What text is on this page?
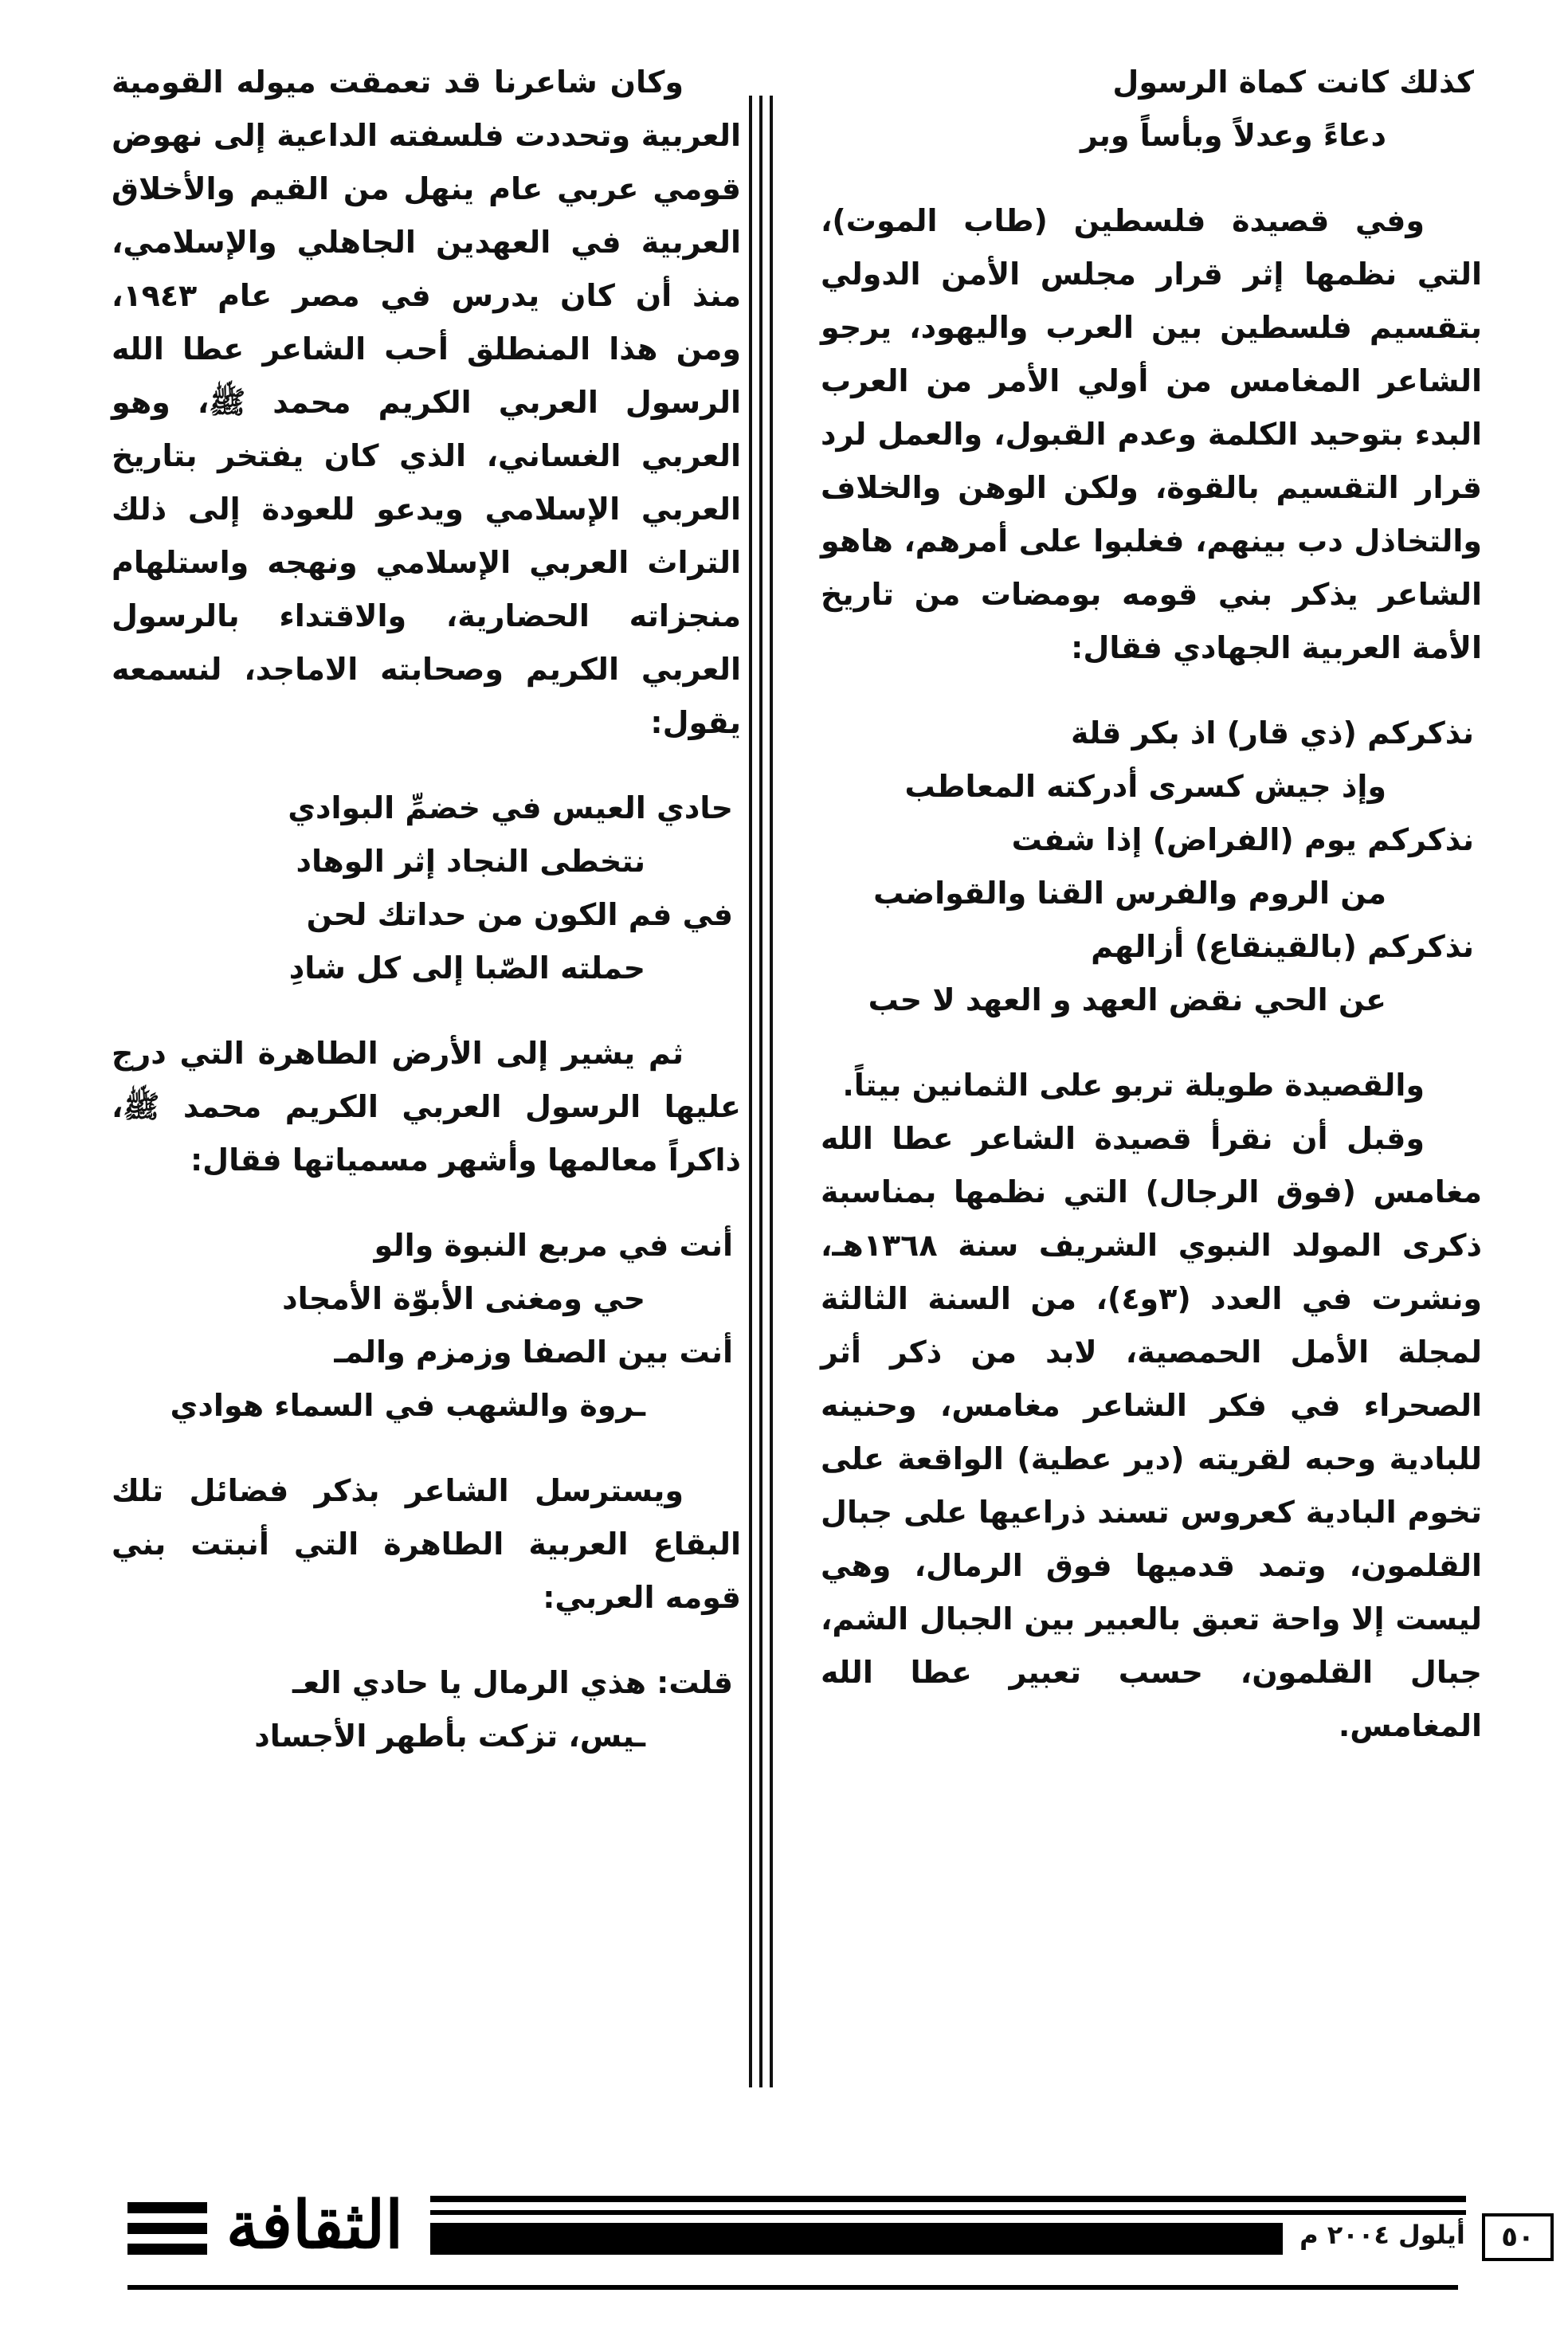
كذلك كانت كماة الرسول

دعاءً وعدلاً وبأساً وبر

وفي قصيدة فلسطين (طاب الموت)، التي نظمها إثر قرار مجلس الأمن الدولي بتقسيم فلسطين بين العرب واليهود، يرجو الشاعر المغامس من أولي الأمر من العرب البدء بتوحيد الكلمة وعدم القبول، والعمل لرد قرار التقسيم بالقوة، ولكن الوهن والخلاف والتخاذل دب بينهم، فغلبوا على أمرهم، هاهو الشاعر يذكر بني قومه بومضات من تاريخ الأمة العربية الجهادي فقال:

نذكركم (ذي قار) اذ بكر قلة

وإذ جيش كسرى أدركته المعاطب

نذكركم يوم (الفراض) إذا شفت

من الروم والفرس القنا والقواضب

نذكركم (بالقينقاع) أزالهم

عن الحي نقض العهد و العهد لا حب

والقصيدة طويلة تربو على الثمانين بيتاً.

وقبل أن نقرأ قصيدة الشاعر عطا الله مغامس (فوق الرجال) التي نظمها بمناسبة ذكرى المولد النبوي الشريف سنة ١٣٦٨هـ، ونشرت في العدد (٣و٤)، من السنة الثالثة لمجلة الأمل الحمصية، لابد من ذكر أثر الصحراء في فكر الشاعر مغامس، وحنينه للبادية وحبه لقريته (دير عطية) الواقعة على تخوم البادية كعروس تسند ذراعيها على جبال القلمون، وتمد قدميها فوق الرمال، وهي ليست إلا واحة تعبق بالعبير بين الجبال الشم، جبال القلمون، حسب تعبير عطا الله المغامس.

وكان شاعرنا قد تعمقت ميوله القومية العربية وتحددت فلسفته الداعية إلى نهوض قومي عربي عام ينهل من القيم والأخلاق العربية في العهدين الجاهلي والإسلامي، منذ أن كان يدرس في مصر عام ١٩٤٣، ومن هذا المنطلق أحب الشاعر عطا الله الرسول العربي الكريم محمد ﷺ، وهو العربي الغساني، الذي كان يفتخر بتاريخ العربي الإسلامي ويدعو للعودة إلى ذلك التراث العربي الإسلامي ونهجه واستلهام منجزاته الحضارية، والاقتداء بالرسول العربي الكريم وصحابته الاماجد، لنسمعه يقول:

حادي العيس في خضمِّ البوادي

نتخطى النجاد إثر الوهاد

في فم الكون من حداتك لحن

حملته الصّبا إلى كل شادِ

ثم يشير إلى الأرض الطاهرة التي درج عليها الرسول العربي الكريم محمد ﷺ، ذاكراً معالمها وأشهر مسمياتها فقال:

أنت في مربع النبوة والو

حي ومغنى الأبوّة الأمجاد

أنت بين الصفا وزمزم والمـ

ـروة والشهب في السماء هوادي

ويسترسل الشاعر بذكر فضائل تلك البقاع العربية الطاهرة التي أنبتت بني قومه العربي:

قلت: هذي الرمال يا حادي العـ

ـيس، تزكت بأطهر الأجساد

الثقافة	أيلول ٢٠٠٤ م	٥٠
